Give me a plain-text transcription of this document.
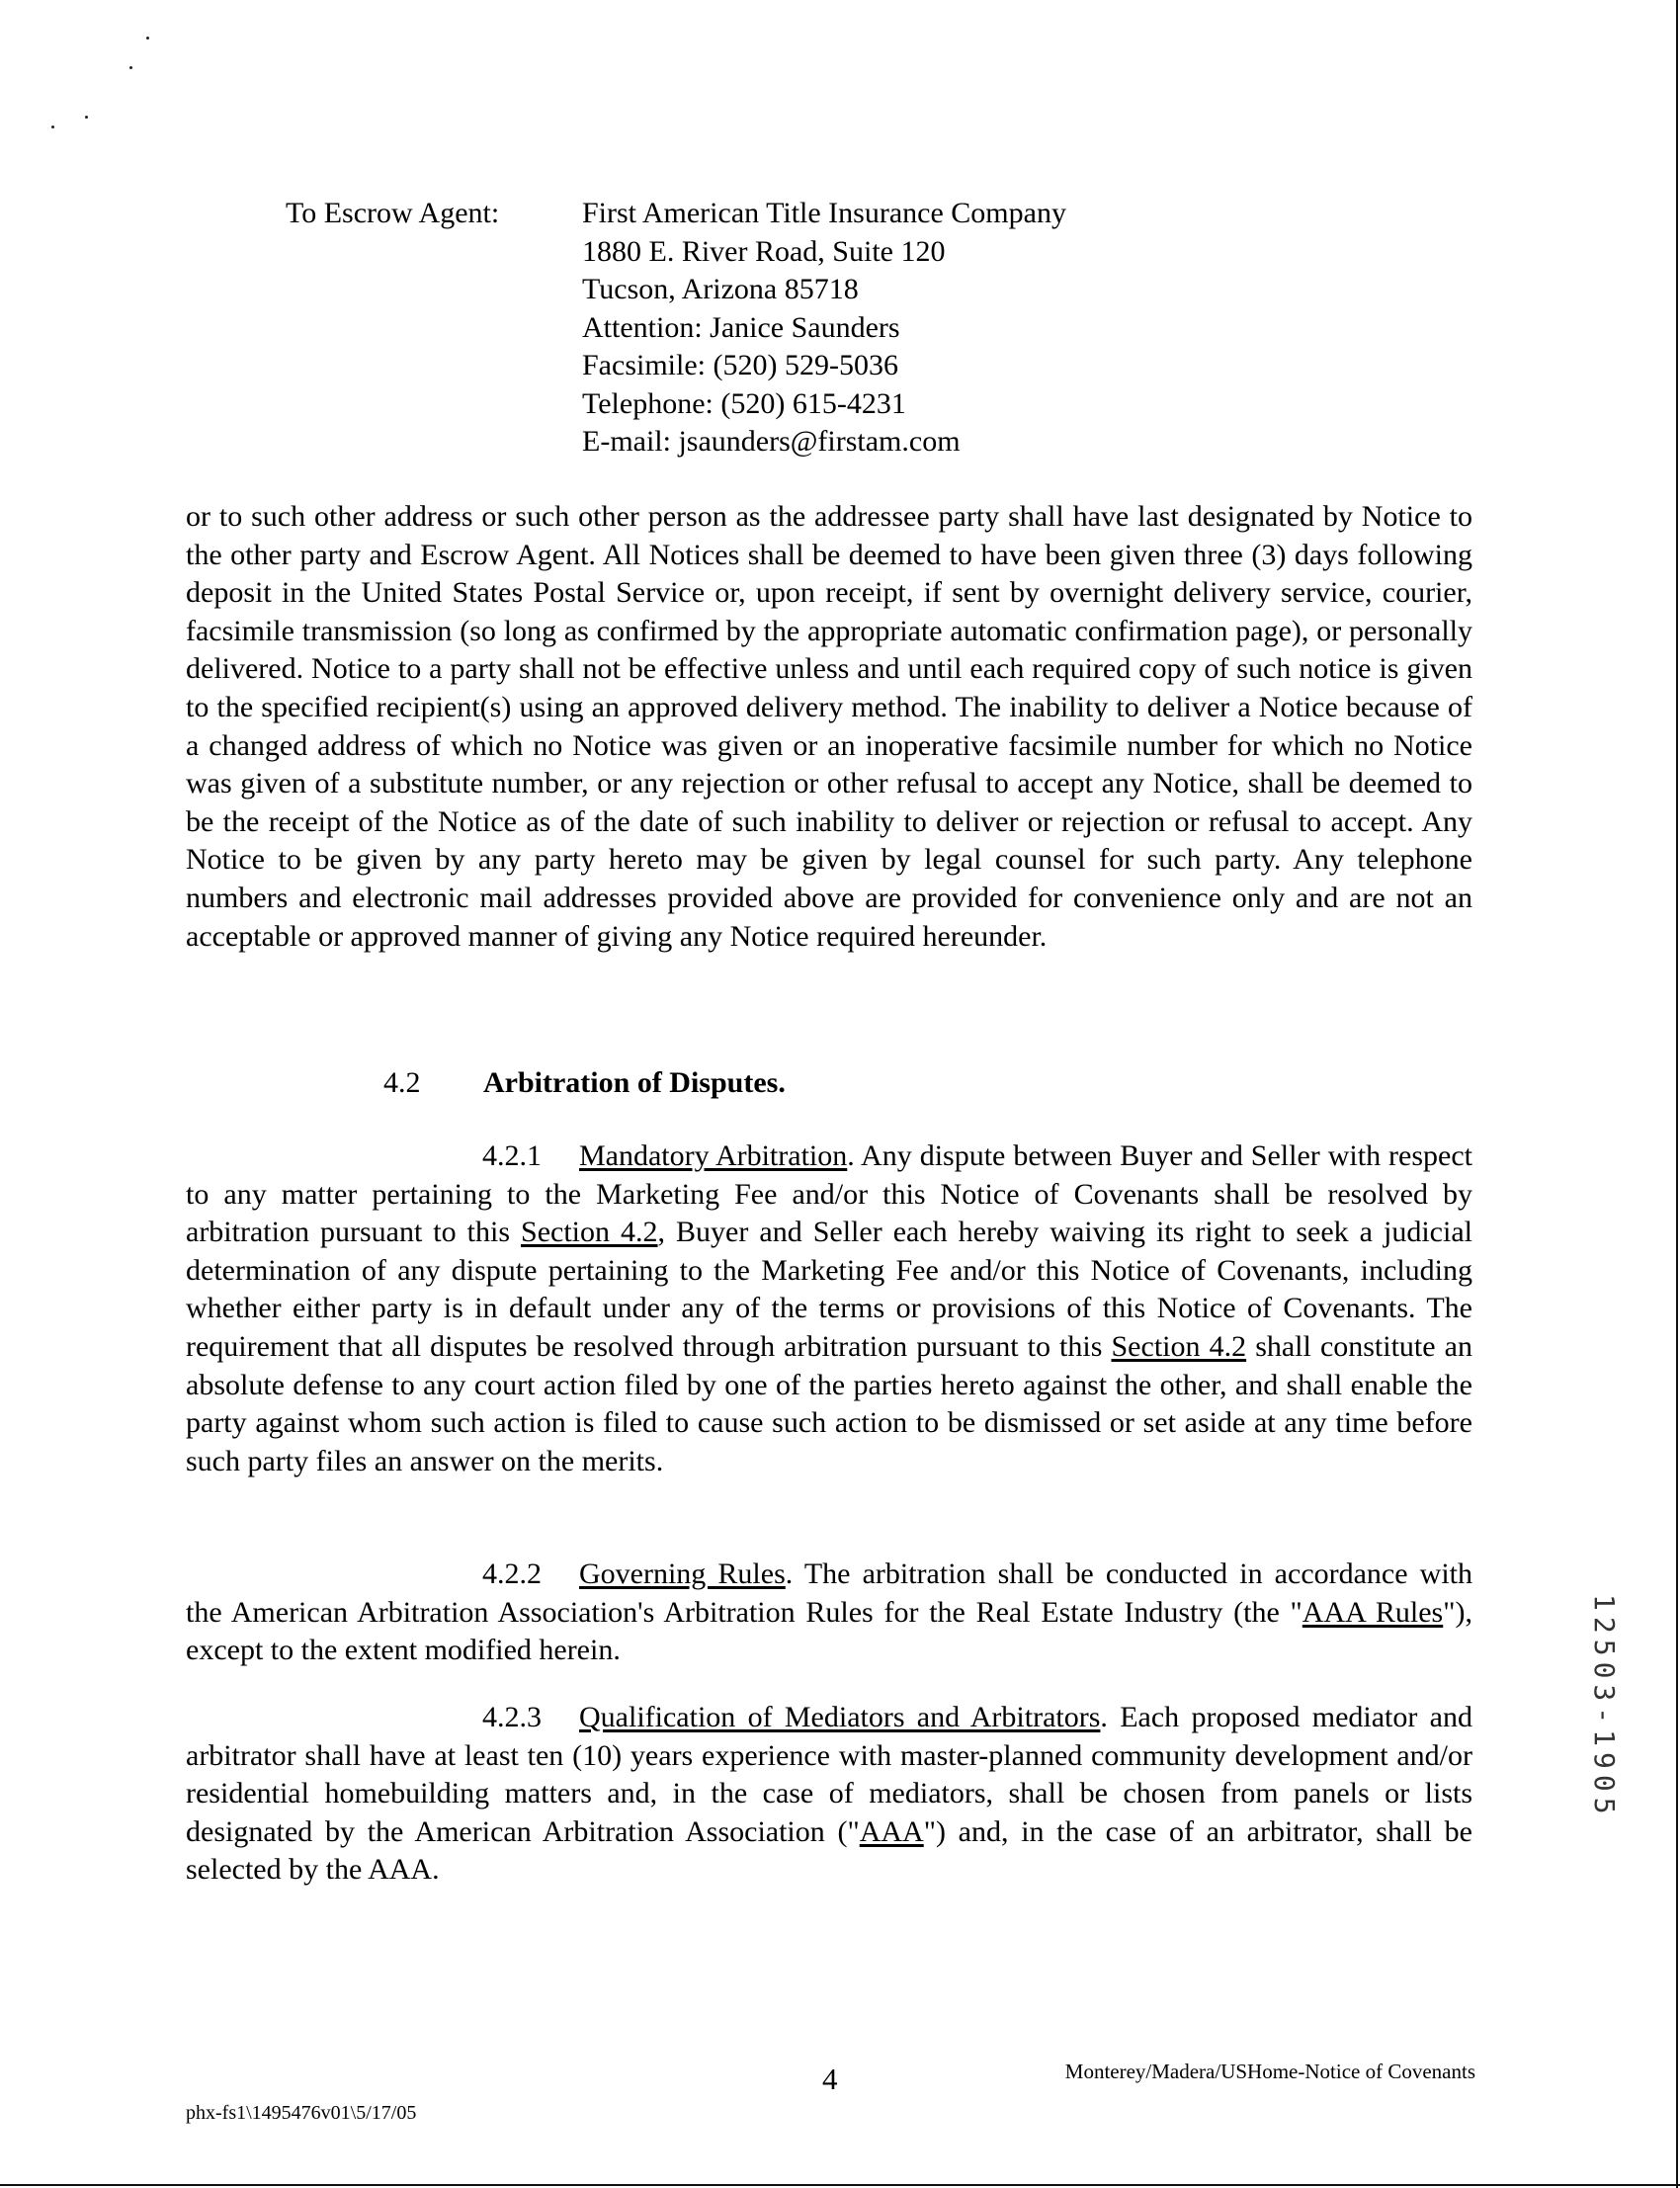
To Escrow Agent:	First American Title Insurance Company
1880 E. River Road, Suite 120
Tucson, Arizona 85718
Attention: Janice Saunders
Facsimile: (520) 529-5036
Telephone: (520) 615-4231
E-mail: jsaunders@firstam.com
or to such other address or such other person as the addressee party shall have last designated by Notice to the other party and Escrow Agent. All Notices shall be deemed to have been given three (3) days following deposit in the United States Postal Service or, upon receipt, if sent by overnight delivery service, courier, facsimile transmission (so long as confirmed by the appropriate automatic confirmation page), or personally delivered. Notice to a party shall not be effective unless and until each required copy of such notice is given to the specified recipient(s) using an approved delivery method. The inability to deliver a Notice because of a changed address of which no Notice was given or an inoperative facsimile number for which no Notice was given of a substitute number, or any rejection or other refusal to accept any Notice, shall be deemed to be the receipt of the Notice as of the date of such inability to deliver or rejection or refusal to accept. Any Notice to be given by any party hereto may be given by legal counsel for such party. Any telephone numbers and electronic mail addresses provided above are provided for convenience only and are not an acceptable or approved manner of giving any Notice required hereunder.
4.2 Arbitration of Disputes.
4.2.1 Mandatory Arbitration. Any dispute between Buyer and Seller with respect to any matter pertaining to the Marketing Fee and/or this Notice of Covenants shall be resolved by arbitration pursuant to this Section 4.2, Buyer and Seller each hereby waiving its right to seek a judicial determination of any dispute pertaining to the Marketing Fee and/or this Notice of Covenants, including whether either party is in default under any of the terms or provisions of this Notice of Covenants. The requirement that all disputes be resolved through arbitration pursuant to this Section 4.2 shall constitute an absolute defense to any court action filed by one of the parties hereto against the other, and shall enable the party against whom such action is filed to cause such action to be dismissed or set aside at any time before such party files an answer on the merits.
4.2.2 Governing Rules. The arbitration shall be conducted in accordance with the American Arbitration Association's Arbitration Rules for the Real Estate Industry (the "AAA Rules"), except to the extent modified herein.
4.2.3 Qualification of Mediators and Arbitrators. Each proposed mediator and arbitrator shall have at least ten (10) years experience with master-planned community development and/or residential homebuilding matters and, in the case of mediators, shall be chosen from panels or lists designated by the American Arbitration Association ("AAA") and, in the case of an arbitrator, shall be selected by the AAA.
4	Monterey/Madera/USHome-Notice of Covenants
phx-fs1\1495476v01\5/17/05
12503-1905
